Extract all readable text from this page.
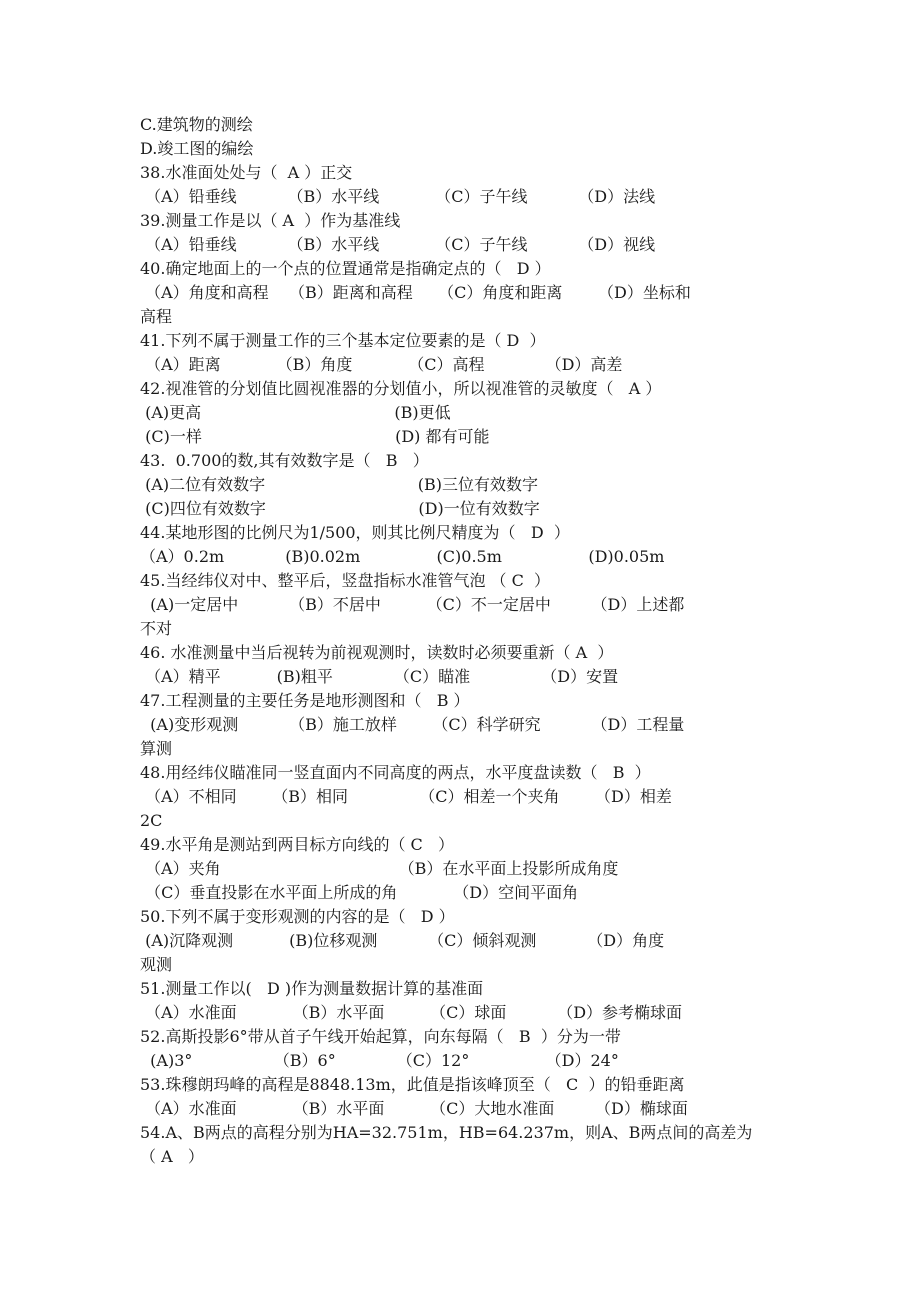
C.建筑物的测绘
D.竣工图的编绘
38.水准面处处与（  A ）正交
（A）铅垂线          （B）水平线           （C）子午线          （D）法线
39.测量工作是以（ A  ）作为基准线
（A）铅垂线          （B）水平线           （C）子午线          （D）视线
40.确定地面上的一个点的位置通常是指确定点的（   D ）
（A）角度和高程    （B）距离和高程     （C）角度和距离       （D）坐标和
高程
41.下列不属于测量工作的三个基本定位要素的是（ D  ）
（A）距离           （B）角度           （C）高程            （D）高差
42.视准管的分划值比圆视准器的分划值小，所以视准管的灵敏度（   A ）
(A)更高                                      (B)更低
(C)一样                                      (D) 都有可能
43.  0.700的数,其有效数字是（   B   ）
(A)二位有效数字                              (B)三位有效数字
(C)四位有效数字                              (D)一位有效数字
44.某地形图的比例尺为1/500，则其比例尺精度为（   D  ）
（A）0.2m            (B)0.02m               (C)0.5m                 (D)0.05m
45.当经纬仪对中、整平后，竖盘指标水准管气泡 （ C  ）
(A)一定居中          （B）不居中         （C）不一定居中        （D）上述都
不对
46. 水准测量中当后视转为前视观测时，读数时必须要重新（ A  ）
（A）精平           (B)粗平            （C）瞄准              （D）安置
47.工程测量的主要任务是地形测图和（   B ）
(A)变形观测          （B）施工放样       （C）科学研究          （D）工程量
算测
48.用经纬仪瞄准同一竖直面内不同高度的两点，水平度盘读数（   B  ）
（A）不相同       （B）相同              （C）相差一个夹角       （D）相差
2C
49.水平角是测站到两目标方向线的（ C   ）
（A）夹角                                   （B）在水平面上投影所成角度
（C）垂直投影在水平面上所成的角           （D）空间平面角
50.下列不属于变形观测的内容的是（   D ）
(A)沉降观测           (B)位移观测          （C）倾斜观测          （D）角度
观测
51.测量工作以(   D )作为测量数据计算的基准面
（A）水准面           （B）水平面         （C）球面          （D）参考椭球面
52.高斯投影6°带从首子午线开始起算，向东每隔（   B  ）分为一带
(A)3°                （B）6°            （C）12°               （D）24°
53.珠穆朗玛峰的高程是8848.13m，此值是指该峰顶至（   C  ）的铅垂距离
（A）水准面           （B）水平面         （C）大地水准面        （D）椭球面
54.A、B两点的高程分别为HA=32.751m，HB=64.237m，则A、B两点间的高差为
（ A   ）
